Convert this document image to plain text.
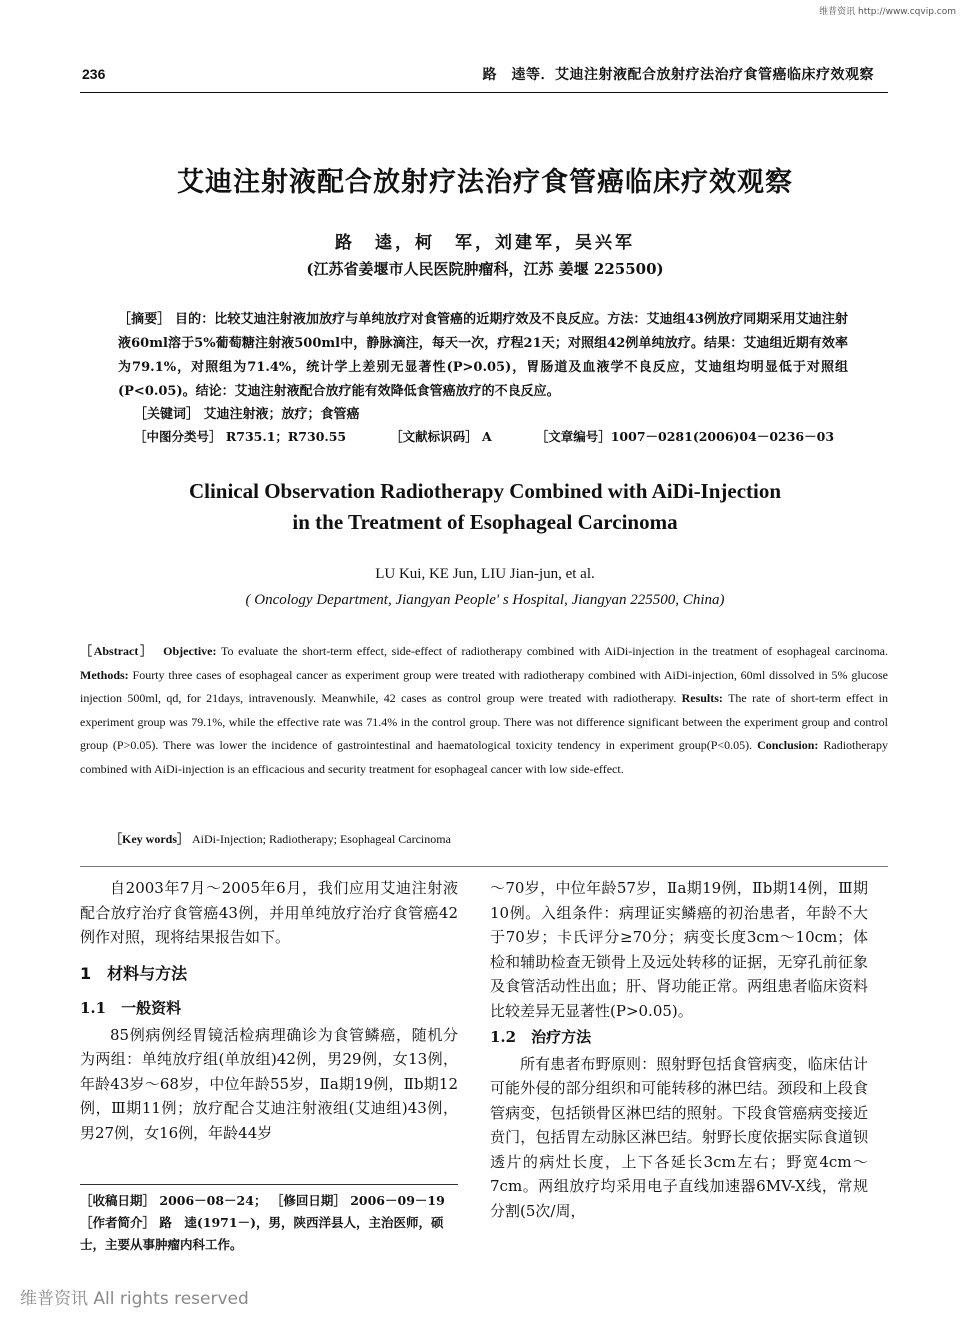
维普资讯 http://www.cqvip.com
236	路　逵等．艾迪注射液配合放射疗法治疗食管癌临床疗效观察
艾迪注射液配合放射疗法治疗食管癌临床疗效观察
路　逵，柯　军，刘建军，吴兴军
(江苏省姜堰市人民医院肿瘤科，江苏 姜堰 225500)
［摘要］ 目的：比较艾迪注射液加放疗与单纯放疗对食管癌的近期疗效及不良反应。方法：艾迪组43例放疗同期采用艾迪注射液60ml溶于5%葡萄糖注射液500ml中，静脉滴注，每天一次，疗程21天；对照组42例单纯放疗。结果：艾迪组近期有效率为79.1%，对照组为71.4%，统计学上差别无显著性(P>0.05)，胃肠道及血液学不良反应，艾迪组均明显低于对照组(P<0.05)。结论：艾迪注射液配合放疗能有效降低食管癌放疗的不良反应。
［关键词］ 艾迪注射液；放疗；食管癌
［中图分类号］ R735.1；R730.55	［文献标识码］ A	［文章编号］1007－0281(2006)04－0236－03
Clinical Observation Radiotherapy Combined with AiDi-Injection
in the Treatment of Esophageal Carcinoma
LU Kui, KE Jun, LIU Jian-jun, et al.
( Oncology Department, Jiangyan People' s Hospital, Jiangyan 225500, China)
［Abstract］ Objective: To evaluate the short-term effect, side-effect of radiotherapy combined with AiDi-injection in the treatment of esophageal carcinoma. Methods: Fourty three cases of esophageal cancer as experiment group were treated with radiotherapy combined with AiDi-injection, 60ml dissolved in 5% glucose injection 500ml, qd, for 21days, intravenously. Meanwhile, 42 cases as control group were treated with radiotherapy. Results: The rate of short-term effect in experiment group was 79.1%, while the effective rate was 71.4% in the control group. There was not difference significant between the experiment group and control group (P>0.05). There was lower the incidence of gastrointestinal and haematological toxicity tendency in experiment group(P<0.05). Conclusion: Radiotherapy combined with AiDi-injection is an efficacious and security treatment for esophageal cancer with low side-effect.
［Key words］ AiDi-Injection; Radiotherapy; Esophageal Carcinoma

自2003年7月～2005年6月，我们应用艾迪注射液配合放疗治疗食管癌43例，并用单纯放疗治疗食管癌42例作对照，现将结果报告如下。

1　材料与方法
1.1　一般资料

85例病例经胃镜活检病理确诊为食管鳞癌，随机分为两组：单纯放疗组(单放组)42例，男29例，女13例，年龄43岁～68岁，中位年龄55岁，Ⅱa期19例，Ⅱb期12例，Ⅲ期11例；放疗配合艾迪注射液组(艾迪组)43例，男27例，女16例，年龄44岁

～70岁，中位年龄57岁，Ⅱa期19例，Ⅱb期14例，Ⅲ期10例。入组条件：病理证实鳞癌的初治患者，年龄不大于70岁；卡氏评分≥70分；病变长度3cm～10cm；体检和辅助检查无锁骨上及远处转移的证据，无穿孔前征象及食管活动性出血；肝、肾功能正常。两组患者临床资料比较差异无显著性(P>0.05)。

1.2　治疗方法

所有患者布野原则：照射野包括食管病变，临床估计可能外侵的部分组织和可能转移的淋巴结。颈段和上段食管病变，包括锁骨区淋巴结的照射。下段食管癌病变接近贲门，包括胃左动脉区淋巴结。射野长度依据实际食道钡透片的病灶长度，上下各延长3cm左右；野宽4cm～7cm。两组放疗均采用电子直线加速器6MV-X线，常规分割(5次/周，

［收稿日期］ 2006－08－24； ［修回日期］ 2006－09－19
［作者简介］ 路　逵(1971－)，男，陕西洋县人，主治医师，硕士，主要从事肿瘤内科工作。
维普资讯 All rights reserved
